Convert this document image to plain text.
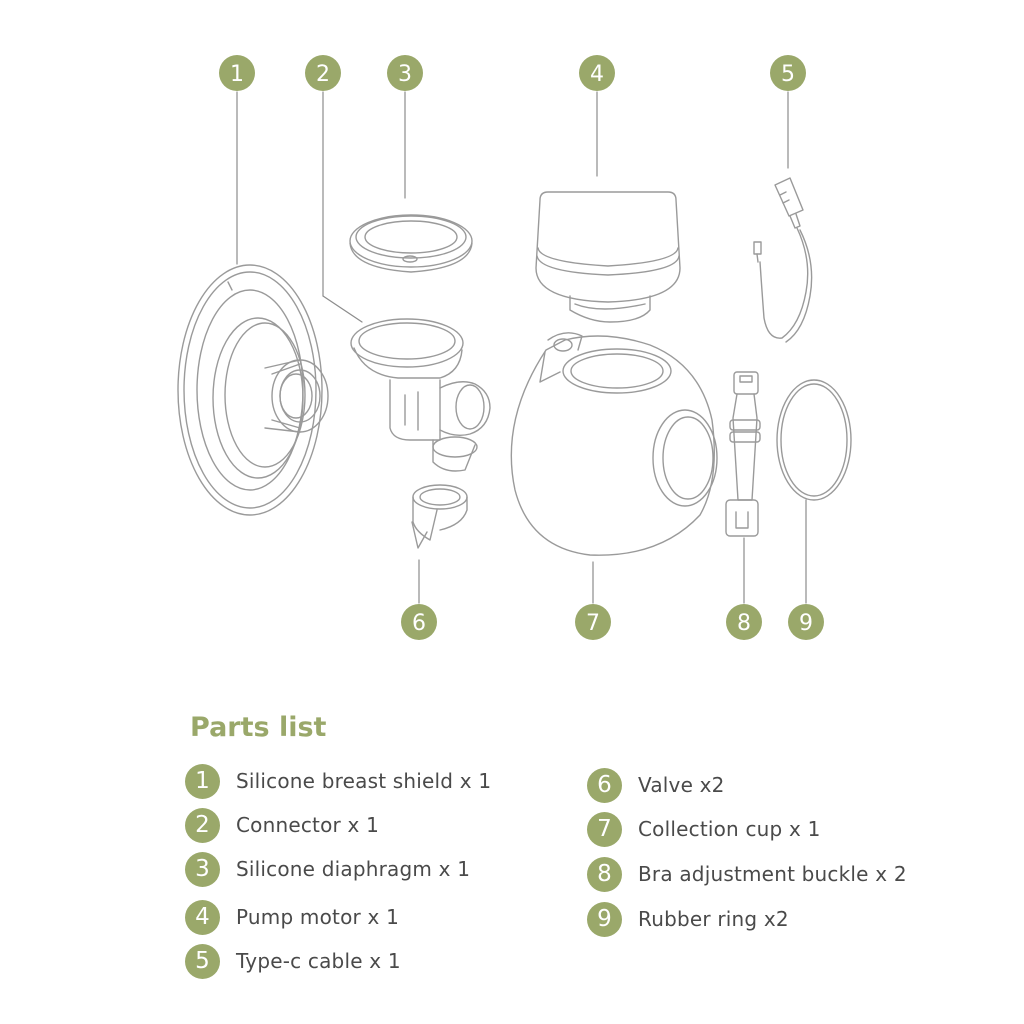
1	2	3	4	5
6	7	8 9
Parts list
1	Silicone breast shield x 1
2	Connector x 1
3	Silicone diaphragm x 1
4	Pump motor x 1
5	Type-c cable x 1
6	Valve x2
7	Collection cup x 1
8	Bra adjustment buckle x 2
9	Rubber ring x2
